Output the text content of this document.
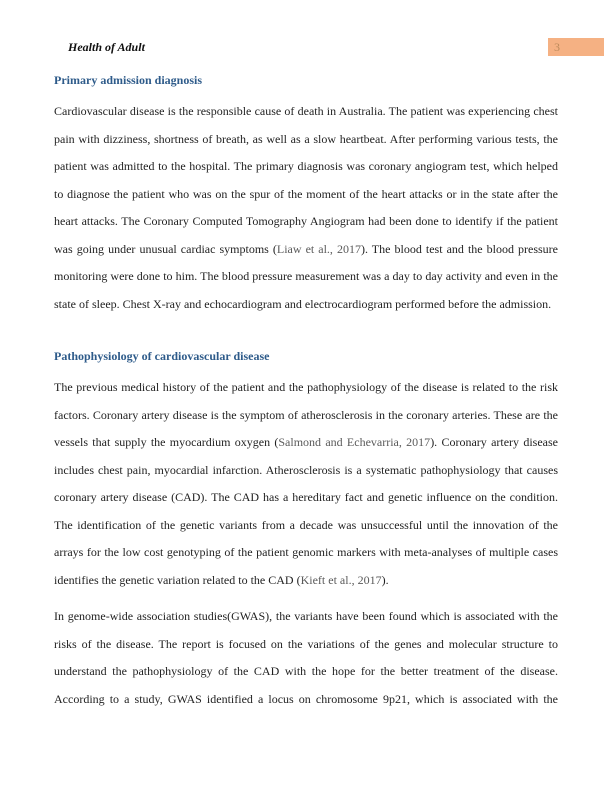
Health of Adult	3
Primary admission diagnosis

Cardiovascular disease is the responsible cause of death in Australia. The patient was experiencing chest pain with dizziness, shortness of breath, as well as a slow heartbeat. After performing various tests, the patient was admitted to the hospital. The primary diagnosis was coronary angiogram test, which helped to diagnose the patient who was on the spur of the moment of the heart attacks or in the state after the heart attacks. The Coronary Computed Tomography Angiogram had been done to identify if the patient was going under unusual cardiac symptoms (Liaw et al., 2017). The blood test and the blood pressure monitoring were done to him. The blood pressure measurement was a day to day activity and even in the state of sleep. Chest X-ray and echocardiogram and electrocardiogram performed before the admission.

Pathophysiology of cardiovascular disease

The previous medical history of the patient and the pathophysiology of the disease is related to the risk factors. Coronary artery disease is the symptom of atherosclerosis in the coronary arteries. These are the vessels that supply the myocardium oxygen (Salmond and Echevarria, 2017). Coronary artery disease includes chest pain, myocardial infarction. Atherosclerosis is a systematic pathophysiology that causes coronary artery disease (CAD). The CAD has a hereditary fact and genetic influence on the condition. The identification of the genetic variants from a decade was unsuccessful until the innovation of the arrays for the low cost genotyping of the patient genomic markers with meta-analyses of multiple cases identifies the genetic variation related to the CAD (Kieft et al., 2017).

In genome-wide association studies(GWAS), the variants have been found which is associated with the risks of the disease. The report is focused on the variations of the genes and molecular structure to understand the pathophysiology of the CAD with the hope for the better treatment of the disease. According to a study, GWAS identified a locus on chromosome 9p21, which is associated with the
